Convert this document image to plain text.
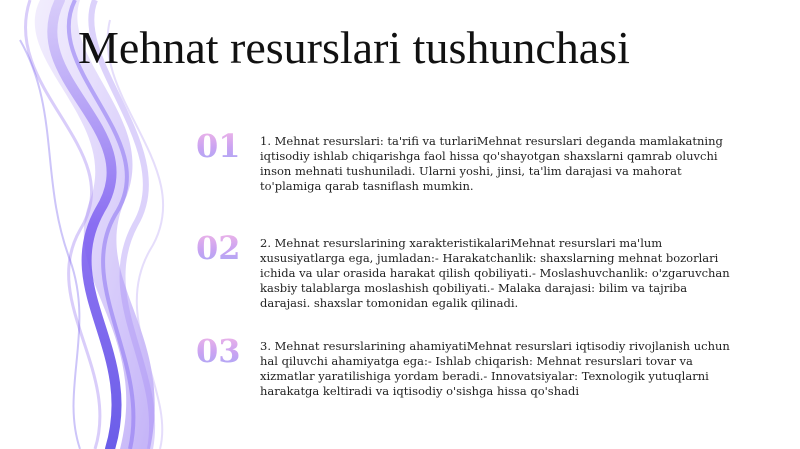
Mehnat resurslari tushunchasi
01	1. Mehnat resurslari: ta'rifi va turlariMehnat resurslari deganda mamlakatning iqtisodiy ishlab chiqarishga faol hissa qo'shayotgan shaxslarni qamrab oluvchi inson mehnati tushuniladi. Ularni yoshi, jinsi, ta'lim darajasi va mahorat to'plamiga qarab tasniflash mumkin.

02	2. Mehnat resurslarining xarakteristikalariMehnat resurslari ma'lum xususiyatlarga ega, jumladan:- Harakatchanlik: shaxslarning mehnat bozorlari ichida va ular orasida harakat qilish qobiliyati.- Moslashuvchanlik: o'zgaruvchan kasbiy talablarga moslashish qobiliyati.- Malaka darajasi: bilim va tajriba darajasi. shaxslar tomonidan egalik qilinadi.

03	3. Mehnat resurslarining ahamiyatiMehnat resurslari iqtisodiy rivojlanish uchun hal qiluvchi ahamiyatga ega:- Ishlab chiqarish: Mehnat resurslari tovar va xizmatlar yaratilishiga yordam beradi.- Innovatsiyalar: Texnologik yutuqlarni harakatga keltiradi va iqtisodiy o'sishga hissa qo'shadi
